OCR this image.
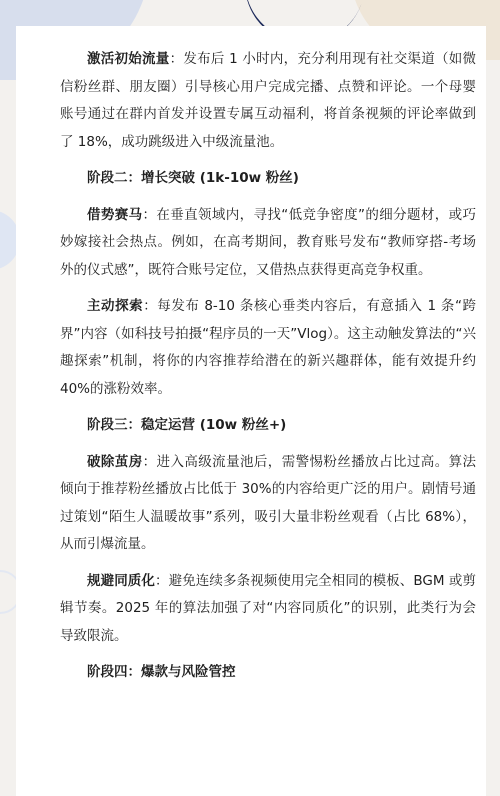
激活初始流量：发布后 1 小时内，充分利用现有社交渠道（如微信粉丝群、朋友圈）引导核心用户完成完播、点赞和评论。一个母婴账号通过在群内首发并设置专属互动福利，将首条视频的评论率做到了 18%，成功跳级进入中级流量池。

阶段二：增长突破 (1k-10w 粉丝)

借势赛马：在垂直领域内，寻找“低竞争密度”的细分题材，或巧妙嫁接社会热点。例如，在高考期间，教育账号发布“教师穿搭-考场外的仪式感”，既符合账号定位，又借热点获得更高竞争权重。

主动探索：每发布 8-10 条核心垂类内容后，有意插入 1 条“跨界”内容（如科技号拍摄“程序员的一天”Vlog）。这主动触发算法的“兴趣探索”机制，将你的内容推荐给潜在的新兴趣群体，能有效提升约 40%的涨粉效率。

阶段三：稳定运营 (10w 粉丝+)

破除茧房：进入高级流量池后，需警惕粉丝播放占比过高。算法倾向于推荐粉丝播放占比低于 30%的内容给更广泛的用户。剧情号通过策划“陌生人温暖故事”系列，吸引大量非粉丝观看（占比 68%），从而引爆流量。

规避同质化：避免连续多条视频使用完全相同的模板、BGM 或剪辑节奏。2025 年的算法加强了对“内容同质化”的识别，此类行为会导致限流。

阶段四：爆款与风险管控
